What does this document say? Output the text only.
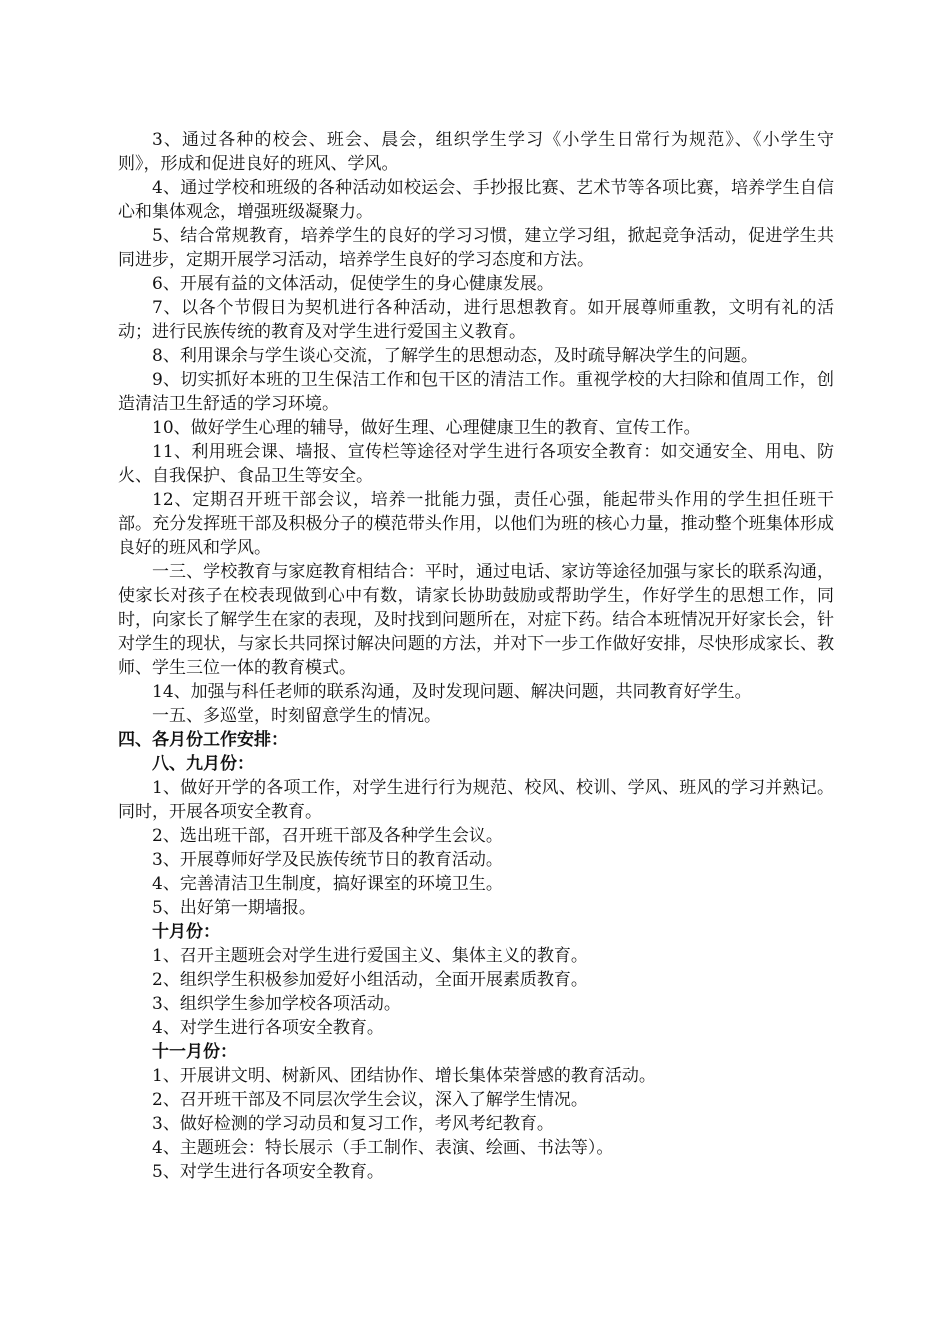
3、通过各种的校会、班会、晨会，组织学生学习《小学生日常行为规范》、《小学生守则》，形成和促进良好的班风、学风。

4、通过学校和班级的各种活动如校运会、手抄报比赛、艺术节等各项比赛，培养学生自信心和集体观念，增强班级凝聚力。

5、结合常规教育，培养学生的良好的学习习惯，建立学习组，掀起竞争活动，促进学生共同进步，定期开展学习活动，培养学生良好的学习态度和方法。

6、开展有益的文体活动，促使学生的身心健康发展。

7、以各个节假日为契机进行各种活动，进行思想教育。如开展尊师重教，文明有礼的活动；进行民族传统的教育及对学生进行爱国主义教育。

8、利用课余与学生谈心交流，了解学生的思想动态，及时疏导解决学生的问题。

9、切实抓好本班的卫生保洁工作和包干区的清洁工作。重视学校的大扫除和值周工作，创造清洁卫生舒适的学习环境。

10、做好学生心理的辅导，做好生理、心理健康卫生的教育、宣传工作。

11、利用班会课、墙报、宣传栏等途径对学生进行各项安全教育：如交通安全、用电、防火、自我保护、食品卫生等安全。

12、定期召开班干部会议，培养一批能力强，责任心强，能起带头作用的学生担任班干部。充分发挥班干部及积极分子的模范带头作用，以他们为班的核心力量，推动整个班集体形成良好的班风和学风。

一三、学校教育与家庭教育相结合：平时，通过电话、家访等途径加强与家长的联系沟通，使家长对孩子在校表现做到心中有数，请家长协助鼓励或帮助学生，作好学生的思想工作，同时，向家长了解学生在家的表现，及时找到问题所在，对症下药。结合本班情况开好家长会，针对学生的现状，与家长共同探讨解决问题的方法，并对下一步工作做好安排，尽快形成家长、教师、学生三位一体的教育模式。

14、加强与科任老师的联系沟通，及时发现问题、解决问题，共同教育好学生。

一五、多巡堂，时刻留意学生的情况。

四、各月份工作安排：

八、九月份：

1、做好开学的各项工作，对学生进行行为规范、校风、校训、学风、班风的学习并熟记。同时，开展各项安全教育。

2、选出班干部，召开班干部及各种学生会议。

3、开展尊师好学及民族传统节日的教育活动。

4、完善清洁卫生制度，搞好课室的环境卫生。

5、出好第一期墙报。

十月份：

1、召开主题班会对学生进行爱国主义、集体主义的教育。

2、组织学生积极参加爱好小组活动，全面开展素质教育。

3、组织学生参加学校各项活动。

4、对学生进行各项安全教育。

十一月份：

1、开展讲文明、树新风、团结协作、增长集体荣誉感的教育活动。

2、召开班干部及不同层次学生会议，深入了解学生情况。

3、做好检测的学习动员和复习工作，考风考纪教育。

4、主题班会：特长展示（手工制作、表演、绘画、书法等）。

5、对学生进行各项安全教育。
